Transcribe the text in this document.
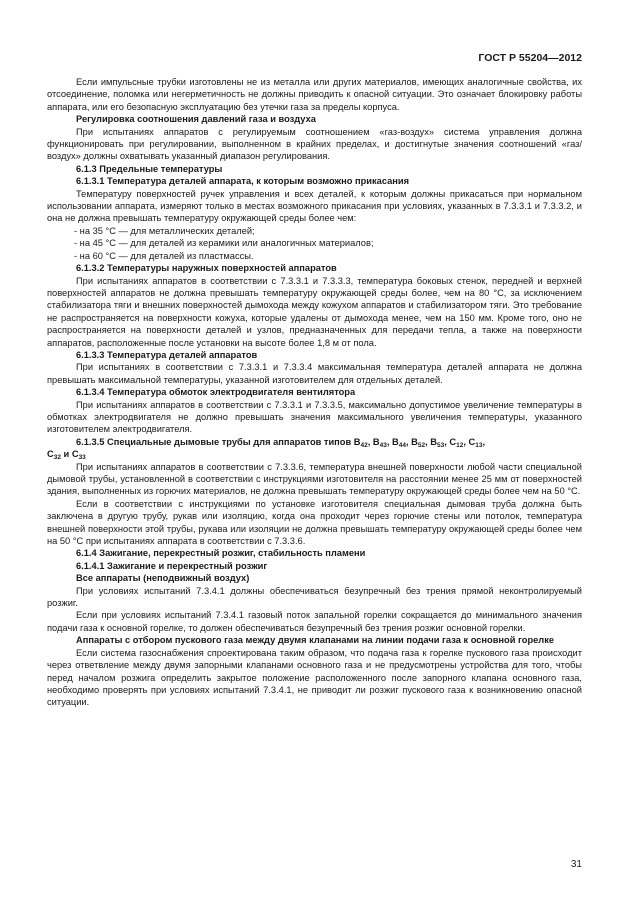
ГОСТ Р 55204—2012

Если импульсные трубки изготовлены не из металла или других материалов, имеющих аналогичные свойства, их отсоединение, поломка или негерметичность не должны приводить к опасной ситуации. Это означает блокировку работы аппарата, или его безопасную эксплуатацию без утечки газа за пределы корпуса.

Регулировка соотношения давлений газа и воздуха

При испытаниях аппаратов с регулируемым соотношением «газ-воздух» система управления должна функционировать при регулировании, выполненном в крайних пределах, и достигнутые значения соотношений «газ/воздух» должны охватывать указанный диапазон регулирования.

6.1.3 Предельные температуры

6.1.3.1 Температура деталей аппарата, к которым возможно прикасания

Температуру поверхностей ручек управления и всех деталей, к которым должны прикасаться при нормальном использовании аппарата, измеряют только в местах возможного прикасания при условиях, указанных в 7.3.3.1 и 7.3.3.2, и она не должна превышать температуру окружающей среды более чем:

- на 35 °С — для металлических деталей;

- на 45 °С — для деталей из керамики или аналогичных материалов;

- на 60 °С — для деталей из пластмассы.

6.1.3.2 Температуры наружных поверхностей аппаратов

При испытаниях аппаратов в соответствии с 7.3.3.1 и 7.3.3.3, температура боковых стенок, передней и верхней поверхностей аппаратов не должна превышать температуру окружающей среды более, чем на 80 °С, за исключением стабилизатора тяги и внешних поверхностей дымохода между кожухом аппаратов и стабилизатором тяги. Это требование не распространяется на поверхности кожуха, которые удалены от дымохода менее, чем на 150 мм. Кроме того, оно не распространяется на поверхности деталей и узлов, предназначенных для передачи тепла, а также на поверхности аппаратов, расположенные после установки на высоте более 1,8 м от пола.

6.1.3.3 Температура деталей аппаратов

При испытаниях в соответствии с 7.3.3.1 и 7.3.3.4 максимальная температура деталей аппарата не должна превышать максимальной температуры, указанной изготовителем для отдельных деталей.

6.1.3.4 Температура обмоток электродвигателя вентилятора

При испытаниях аппаратов в соответствии с 7.3.3.1 и 7.3.3.5, максимально допустимое увеличение температуры в обмотках электродвигателя не должно превышать значения максимального увеличения температуры, указанного изготовителем электродвигателя.

6.1.3.5 Специальные дымовые трубы для аппаратов типов $В_{42}$, $В_{43}$, $В_{44}$, $В_{52}$, $В_{53}$, $С_{12}$, $С_{13}$,
$С_{32}$ и $С_{33}$

При испытаниях аппаратов в соответствии с 7.3.3.6, температура внешней поверхности любой части специальной дымовой трубы, установленной в соответствии с инструкциями изготовителя на расстоянии менее 25 мм от поверхностей здания, выполненных из горючих материалов, не должна превышать температуру окружающей среды более чем на 50 °С.

Если в соответствии с инструкциями по установке изготовителя специальная дымовая труба должна быть заключена в другую трубу, рукав или изоляцию, когда она проходит через горючие стены или потолок, температура внешней поверхности этой трубы, рукава или изоляции не должна превышать температуру окружающей среды более чем на 50 °С при испытаниях аппарата в соответствии с 7.3.3.6.

6.1.4 Зажигание, перекрестный розжиг, стабильность пламени

6.1.4.1 Зажигание и перекрестный розжиг

Все аппараты (неподвижный воздух)

При условиях испытаний 7.3.4.1 должны обеспечиваться безупречный без трения прямой неконтролируемый розжиг.

Если при условиях испытаний 7.3.4.1 газовый поток запальной горелки сокращается до минимального значения подачи газа к основной горелке, то должен обеспечиваться безупречный без трения розжиг основной горелки.

Аппараты с отбором пускового газа между двумя клапанами на линии подачи газа к основной горелке

Если система газоснабжения спроектирована таким образом, что подача газа к горелке пускового газа происходит через ответвление между двумя запорными клапанами основного газа и не предусмотрены устройства для того, чтобы перед началом розжига определить закрытое положение расположенного после запорного клапана основного газа, необходимо проверять при условиях испытаний 7.3.4.1, не приводит ли розжиг пускового газа к возникновению опасной ситуации.

31
